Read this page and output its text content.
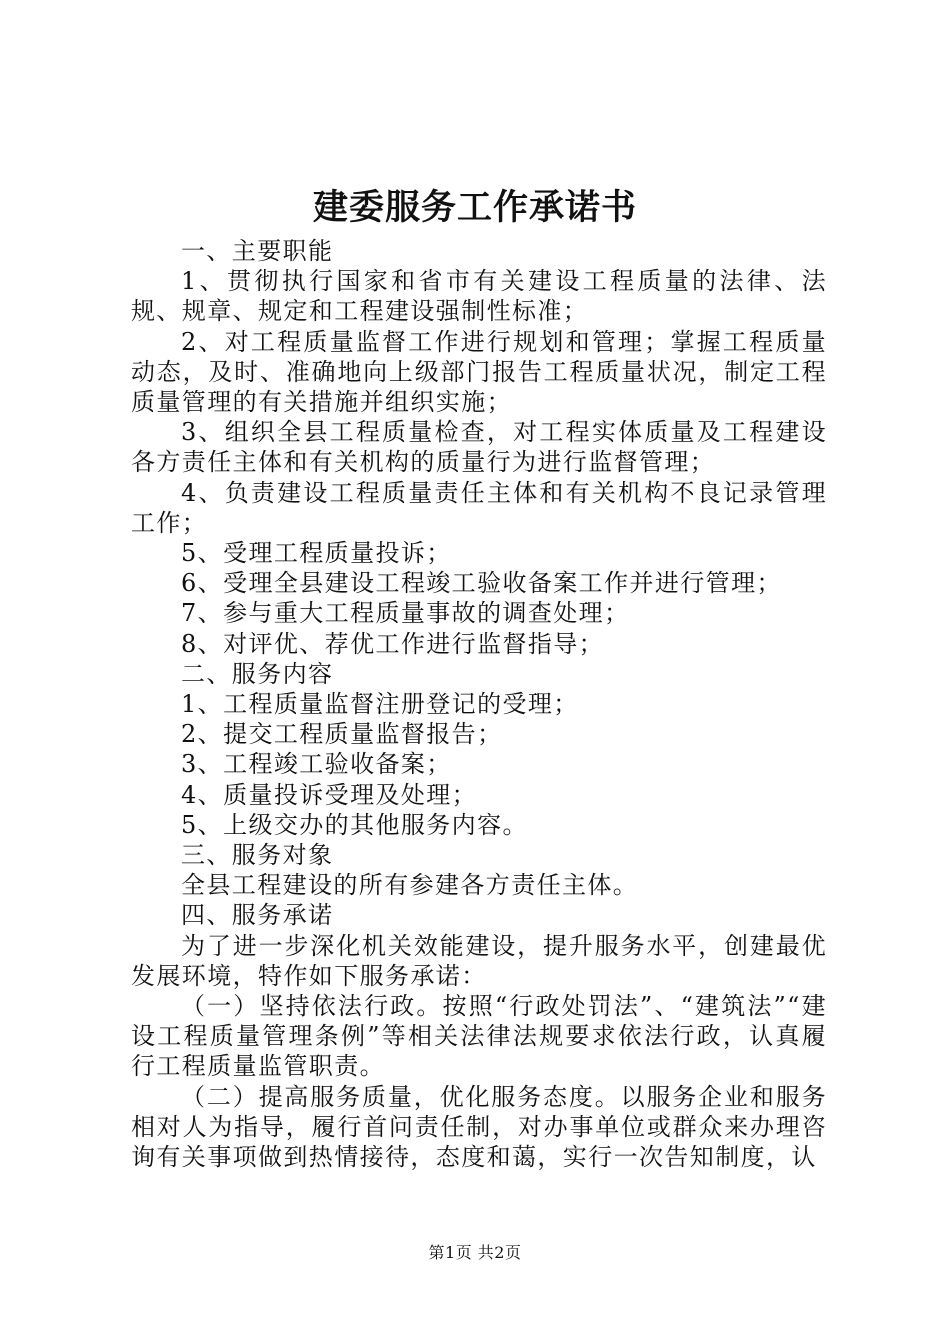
建委服务工作承诺书

一、主要职能

1、贯彻执行国家和省市有关建设工程质量的法律、法规、规章、规定和工程建设强制性标准；

2、对工程质量监督工作进行规划和管理；掌握工程质量动态，及时、准确地向上级部门报告工程质量状况，制定工程质量管理的有关措施并组织实施；

3、组织全县工程质量检查，对工程实体质量及工程建设各方责任主体和有关机构的质量行为进行监督管理；

4、负责建设工程质量责任主体和有关机构不良记录管理工作；

5、受理工程质量投诉；

6、受理全县建设工程竣工验收备案工作并进行管理；

7、参与重大工程质量事故的调查处理；

8、对评优、荐优工作进行监督指导；

二、服务内容

1、工程质量监督注册登记的受理；

2、提交工程质量监督报告；

3、工程竣工验收备案；

4、质量投诉受理及处理；

5、上级交办的其他服务内容。

三、服务对象

全县工程建设的所有参建各方责任主体。

四、服务承诺

为了进一步深化机关效能建设，提升服务水平，创建最优发展环境，特作如下服务承诺：

（一）坚持依法行政。按照“行政处罚法”、“建筑法”“建设工程质量管理条例”等相关法律法规要求依法行政，认真履行工程质量监管职责。

（二）提高服务质量，优化服务态度。以服务企业和服务相对人为指导，履行首问责任制，对办事单位或群众来办理咨询有关事项做到热情接待，态度和蔼，实行一次告知制度，认

第1页 共2页
